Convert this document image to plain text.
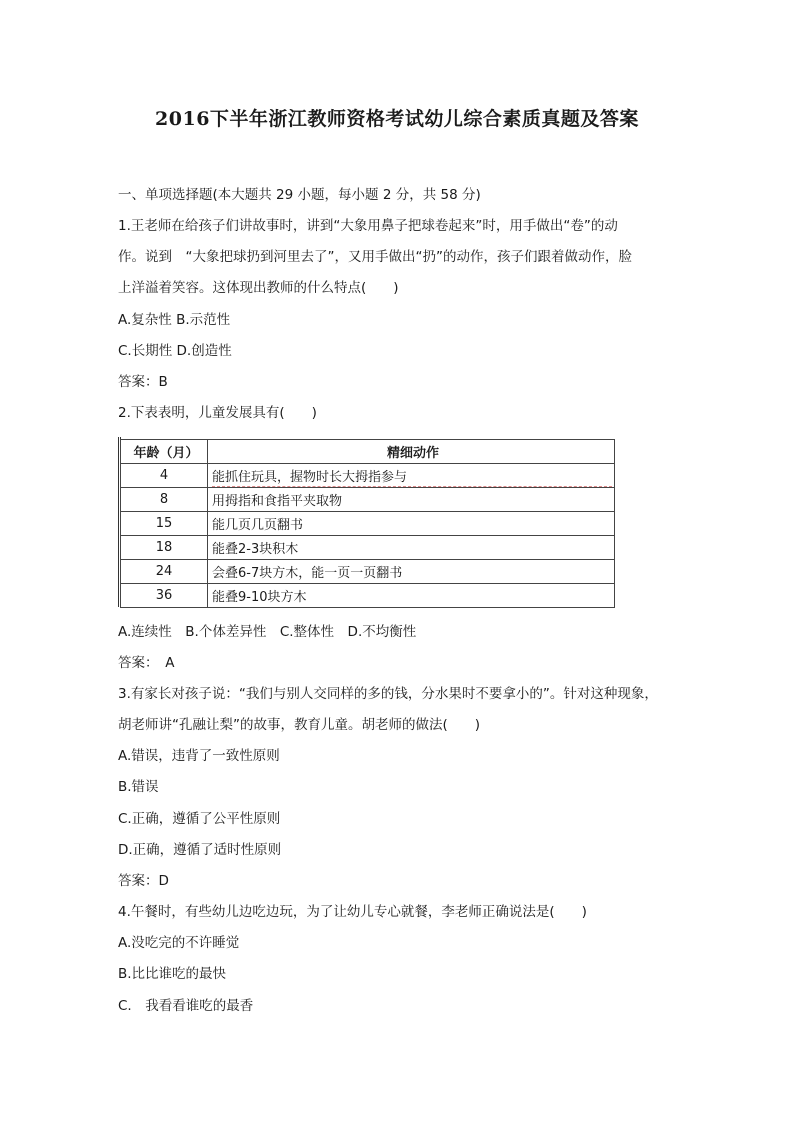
2016下半年浙江教师资格考试幼儿综合素质真题及答案
一、单项选择题(本大题共 29 小题，每小题 2 分，共 58 分)
1.王老师在给孩子们讲故事时，讲到“大象用鼻子把球卷起来”时，用手做出“卷”的动
作。说到　“大象把球扔到河里去了”，又用手做出“扔”的动作，孩子们跟着做动作，脸
上洋溢着笑容。这体现出教师的什么特点(　　)
A.复杂性 B.示范性
C.长期性 D.创造性
答案：B
2.下表表明，儿童发展具有(　　)
年龄（月）	精细动作
4	能抓住玩具，握物时长大拇指参与
8	用拇指和食指平夹取物
15	能几页几页翻书
18	能叠2-3块积木
24	会叠6-7块方木，能一页一页翻书
36	能叠9-10块方木
A.连续性　B.个体差异性　C.整体性　D.不均衡性
答案：　A
3.有家长对孩子说：“我们与别人交同样的多的钱，分水果时不要拿小的”。针对这种现象，
胡老师讲“孔融让梨”的故事，教育儿童。胡老师的做法(　　)
A.错误，违背了一致性原则
B.错误
C.正确，遵循了公平性原则
D.正确，遵循了适时性原则
答案：D
4.午餐时，有些幼儿边吃边玩，为了让幼儿专心就餐，李老师正确说法是(　　)
A.没吃完的不许睡觉
B.比比谁吃的最快
C.　我看看谁吃的最香
